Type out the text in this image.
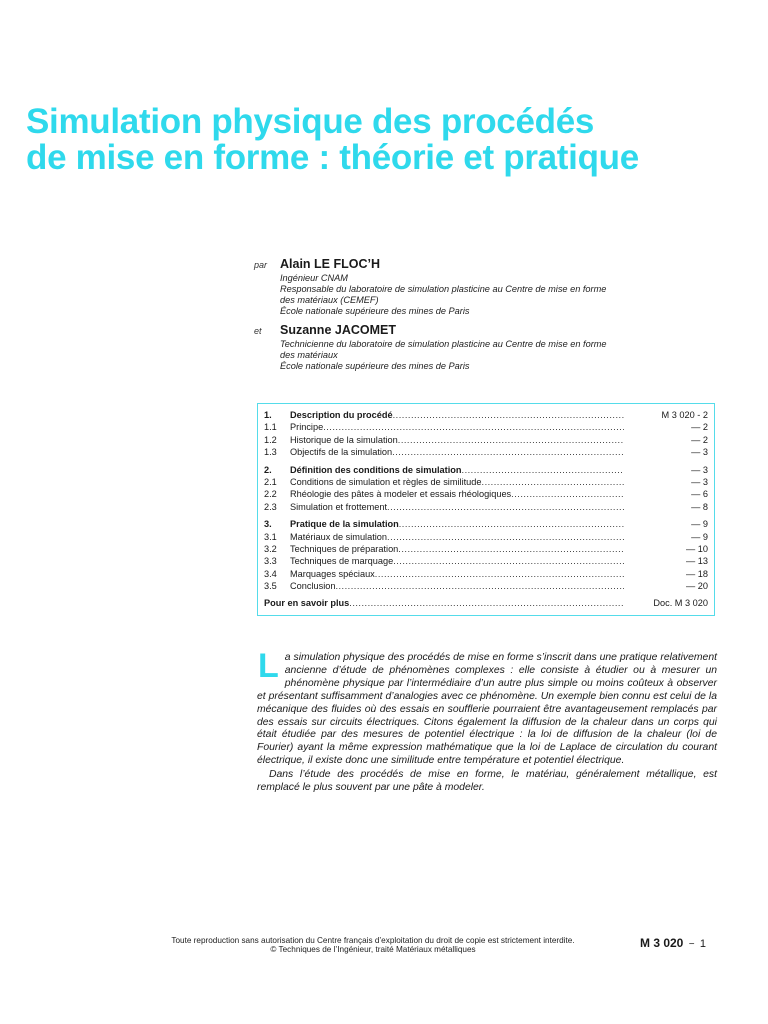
Simulation physique des procédés
de mise en forme : théorie et pratique
par Alain LE FLOC’H
Ingénieur CNAM
Responsable du laboratoire de simulation plasticine au Centre de mise en forme
des matériaux (CEMEF)
École nationale supérieure des mines de Paris
et Suzanne JACOMET
Technicienne du laboratoire de simulation plasticine au Centre de mise en forme
des matériaux
École nationale supérieure des mines de Paris
1.	Description du procédé .....	M 3 020 - 2
1.1	Principe .....	— 2
1.2	Historique de la simulation .....	— 2
1.3	Objectifs de la simulation .....	— 3
2.	Définition des conditions de simulation .....	— 3
2.1	Conditions de simulation et règles de similitude .....	— 3
2.2	Rhéologie des pâtes à modeler et essais rhéologiques .....	— 6
2.3	Simulation et frottement .....	— 8
3.	Pratique de la simulation .....	— 9
3.1	Matériaux de simulation .....	— 9
3.2	Techniques de préparation .....	— 10
3.3	Techniques de marquage .....	— 13
3.4	Marquages spéciaux .....	— 18
3.5	Conclusion .....	— 20
Pour en savoir plus .....	Doc. M 3 020

La simulation physique des procédés de mise en forme s’inscrit dans une pratique relativement ancienne d’étude de phénomènes complexes : elle consiste à étudier ou à mesurer un phénomène physique par l’intermédiaire d’un autre plus simple ou moins coûteux à observer et présentant suffisamment d’analogies avec ce phénomène. Un exemple bien connu est celui de la mécanique des fluides où des essais en soufflerie pourraient être avantageusement remplacés par des essais sur circuits électriques. Citons également la diffusion de la chaleur dans un corps qui était étudiée par des mesures de potentiel électrique : la loi de diffusion de la chaleur (loi de Fourier) ayant la même expression mathématique que la loi de Laplace de circulation du courant électrique, il existe donc une similitude entre température et potentiel électrique.

Dans l’étude des procédés de mise en forme, le matériau, généralement métallique, est remplacé le plus souvent par une pâte à modeler.

Toute reproduction sans autorisation du Centre français d’exploitation du droit de copie est strictement interdite.
© Techniques de l’Ingénieur, traité Matériaux métalliques	M 3 020 − 1
